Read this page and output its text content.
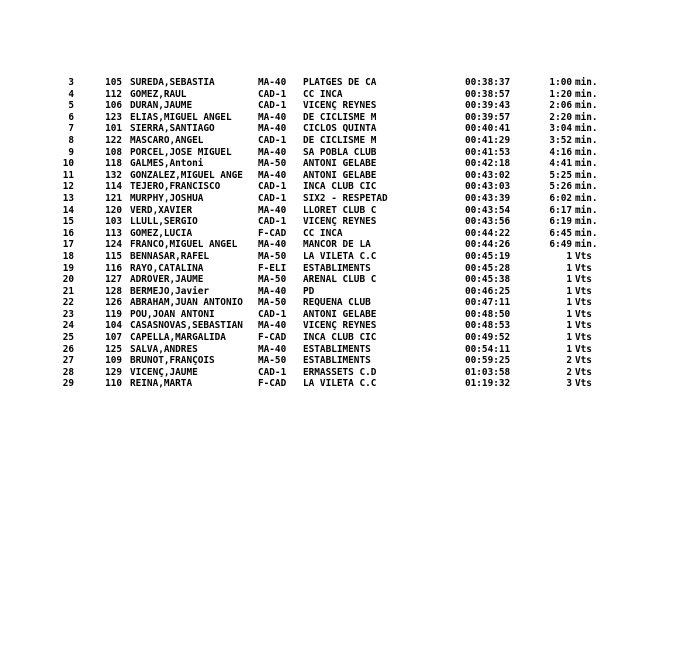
3	105 SUREDA,SEBASTIA	MA-40 PLATGES DE CA	00:38:37	1:00 min.
4	112 GOMEZ,RAUL	CAD-1 CC INCA	00:38:57	1:20 min.
5	106 DURAN,JAUME	CAD-1 VICENÇ REYNES	00:39:43	2:06 min.
6	123 ELIAS,MIGUEL ANGEL	MA-40 DE CICLISME M	00:39:57	2:20 min.
7	101 SIERRA,SANTIAGO	MA-40 CICLOS QUINTA	00:40:41	3:04 min.
8	122 MASCARO,ANGEL	CAD-1 DE CICLISME M	00:41:29	3:52 min.
9	108 PORCEL,JOSE MIGUEL	MA-40 SA POBLA CLUB	00:41:53	4:16 min.
10	118 GALMES,Antoni	MA-50 ANTONI GELABE	00:42:18	4:41 min.
11	132 GONZALEZ,MIGUEL ANGE MA-40 ANTONI GELABE	00:43:02	5:25 min.
12	114 TEJERO,FRANCISCO	CAD-1 INCA CLUB CIC	00:43:03	5:26 min.
13	121 MURPHY,JOSHUA	CAD-1 SIX2 - RESPETAD	00:43:39	6:02 min.
14	120 VERD,XAVIER	MA-40 LLORET CLUB C	00:43:54	6:17 min.
15	103 LLULL,SERGIO	CAD-1 VICENÇ REYNES	00:43:56	6:19 min.
16	113 GOMEZ,LUCIA	F-CAD CC INCA	00:44:22	6:45 min.
17	124 FRANCO,MIGUEL ANGEL MA-40 MANCOR DE LA	00:44:26	6:49 min.
18	115 BENNASAR,RAFEL	MA-50 LA VILETA C.C	00:45:19	1 Vts
19	116 RAYO,CATALINA	F-ELI ESTABLIMENTS	00:45:28	1 Vts
20	127 ADROVER,JAUME	MA-50 ARENAL CLUB C	00:45:38	1 Vts
21	128 BERMEJO,Javier	MA-40 PD	00:46:25	1 Vts
22	126 ABRAHAM,JUAN ANTONIO MA-50 REQUENA CLUB	00:47:11	1 Vts
23	119 POU,JOAN ANTONI	CAD-1 ANTONI GELABE	00:48:50	1 Vts
24	104 CASASNOVAS,SEBASTIAN MA-40 VICENÇ REYNES	00:48:53	1 Vts
25	107 CAPELLA,MARGALIDA	F-CAD INCA CLUB CIC	00:49:52	1 Vts
26	125 SALVA,ANDRES	MA-40 ESTABLIMENTS	00:54:11	1 Vts
27	109 BRUNOT,FRANÇOIS	MA-50 ESTABLIMENTS	00:59:25	2 Vts
28	129 VICENÇ,JAUME	CAD-1 ERMASSETS C.D	01:03:58	2 Vts
29	110 REINA,MARTA	F-CAD LA VILETA C.C	01:19:32	3 Vts
